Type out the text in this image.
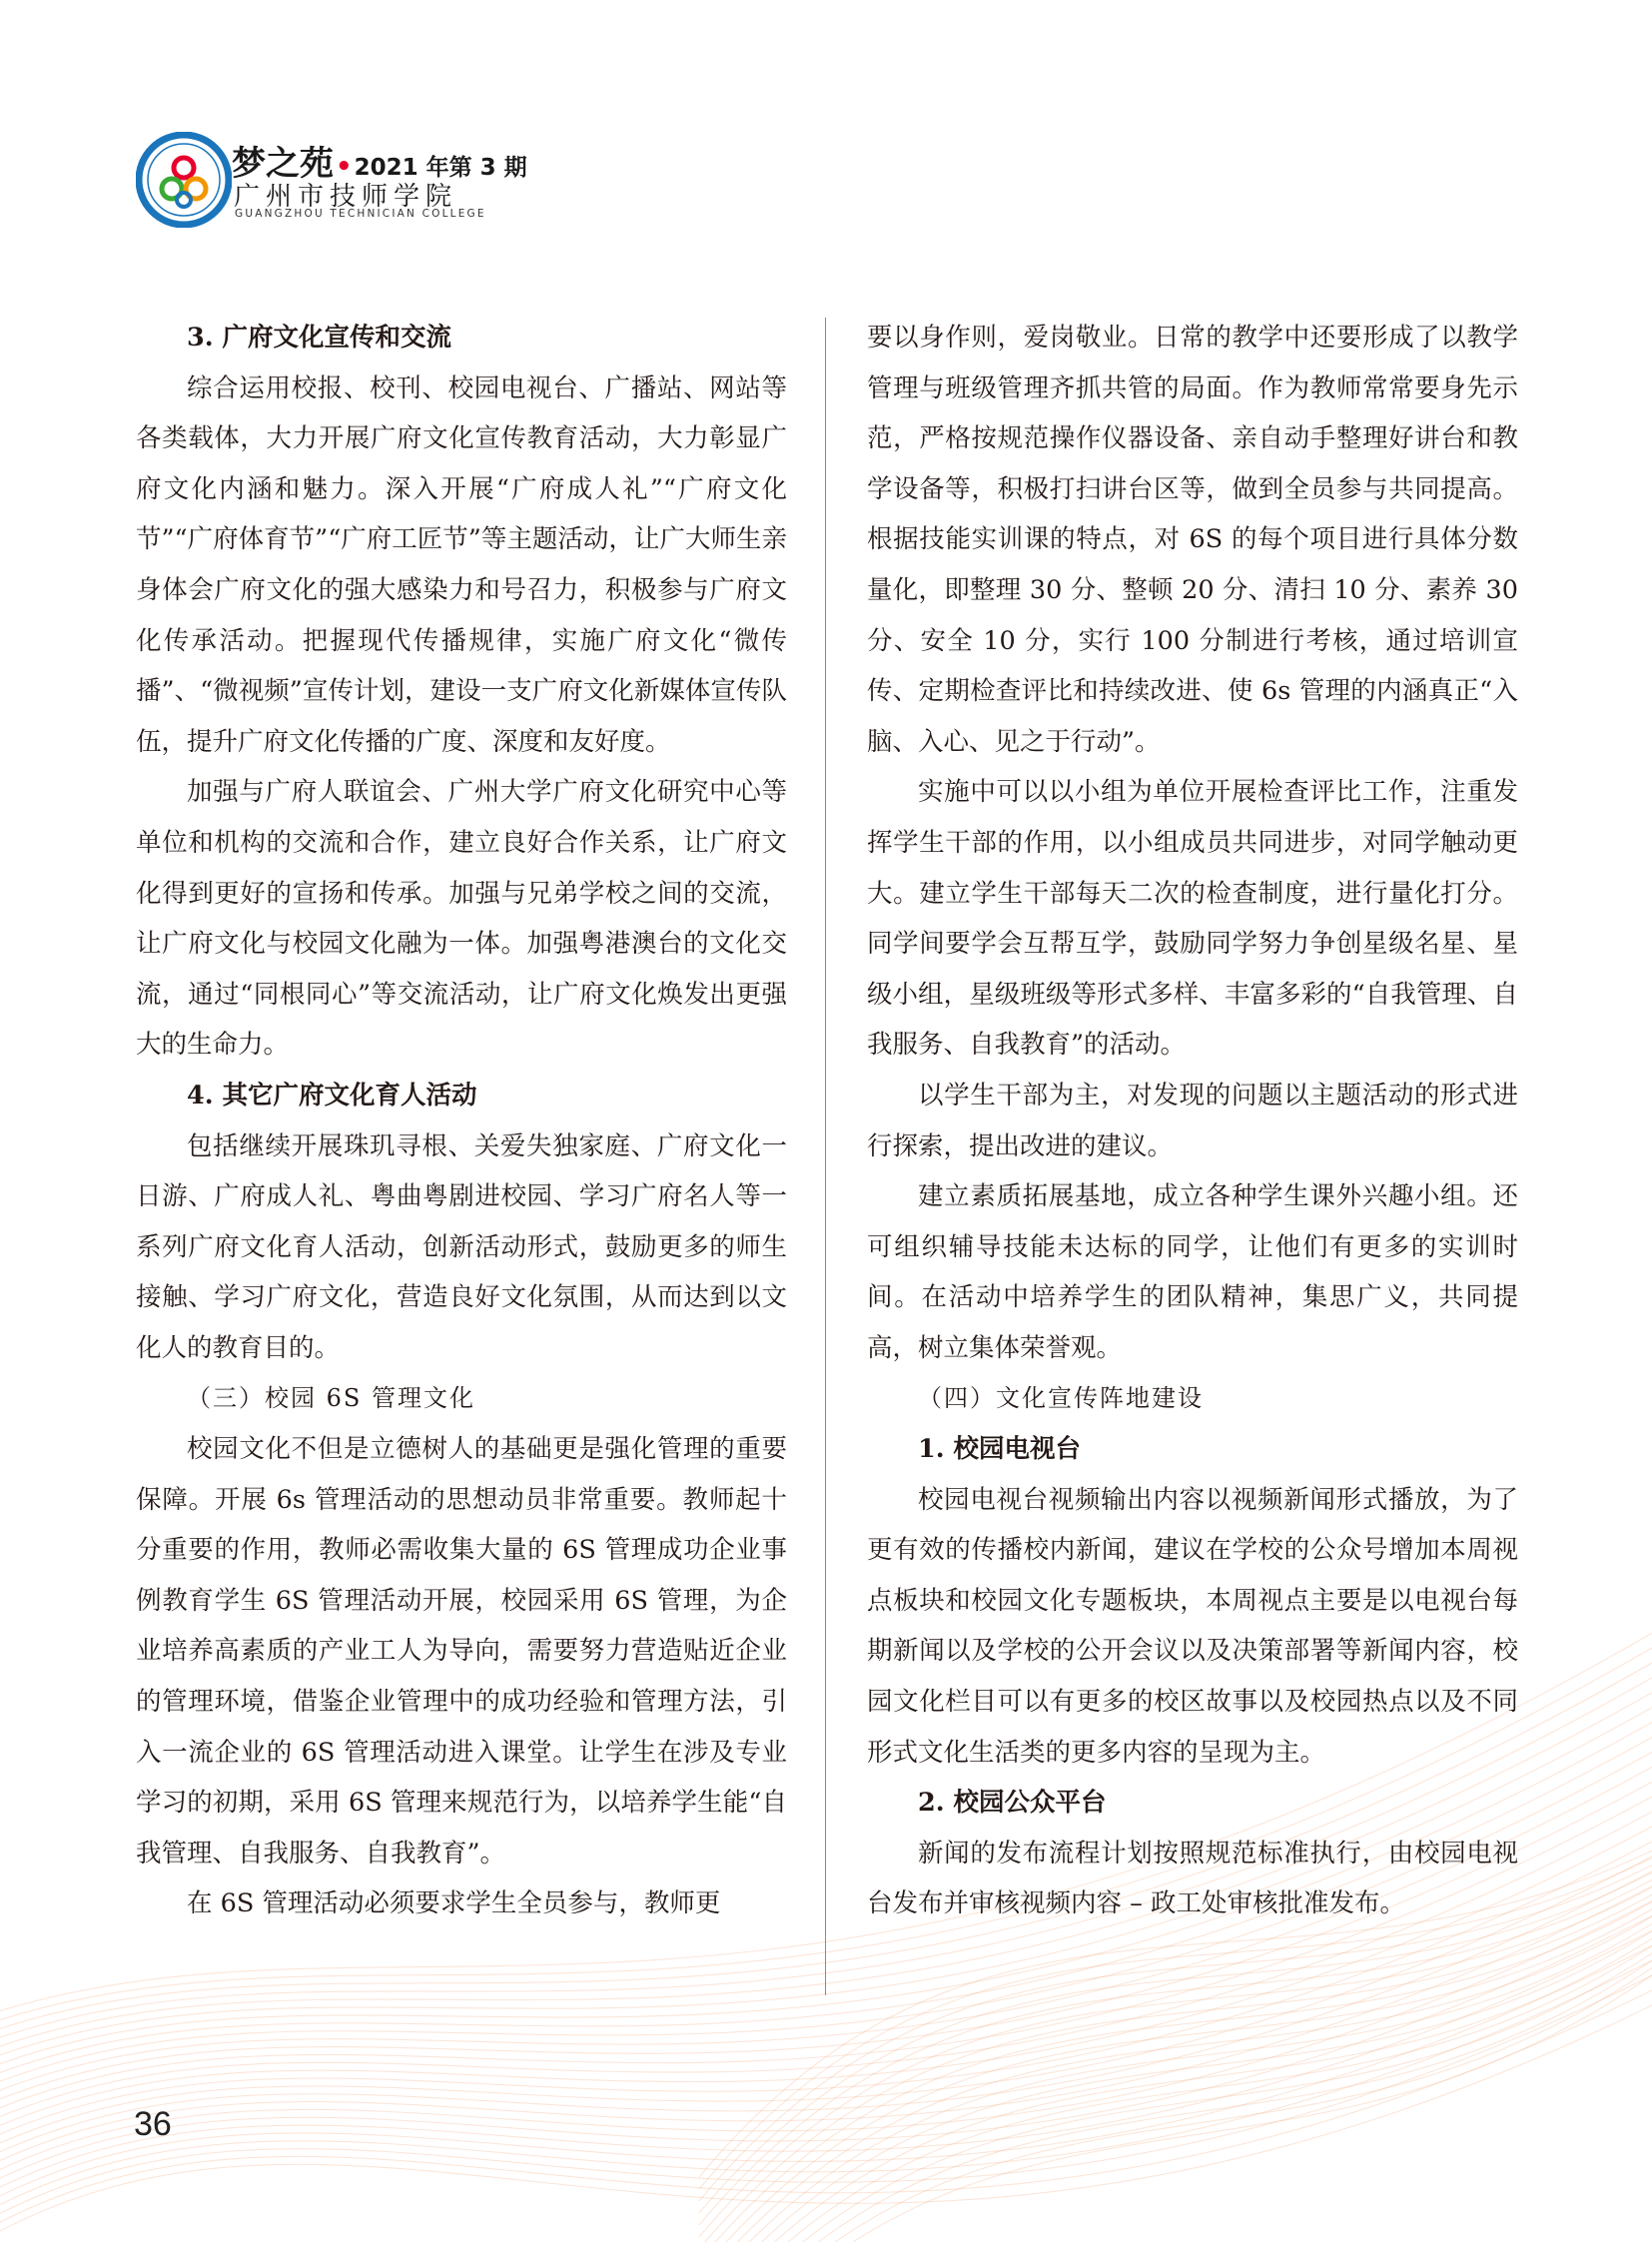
梦之苑•2021 年第 3 期
广州市技师学院
GUANGZHOU TECHNICIAN COLLEGE

3. 广府文化宣传和交流

综合运用校报、校刊、校园电视台、广播站、网站等各类载体，大力开展广府文化宣传教育活动，大力彰显广府文化内涵和魅力。深入开展“广府成人礼”“广府文化节”“广府体育节”“广府工匠节”等主题活动，让广大师生亲身体会广府文化的强大感染力和号召力，积极参与广府文化传承活动。把握现代传播规律，实施广府文化“微传播”、“微视频”宣传计划，建设一支广府文化新媒体宣传队伍，提升广府文化传播的广度、深度和友好度。

加强与广府人联谊会、广州大学广府文化研究中心等单位和机构的交流和合作，建立良好合作关系，让广府文化得到更好的宣扬和传承。加强与兄弟学校之间的交流，让广府文化与校园文化融为一体。加强粤港澳台的文化交流，通过“同根同心”等交流活动，让广府文化焕发出更强大的生命力。

4. 其它广府文化育人活动

包括继续开展珠玑寻根、关爱失独家庭、广府文化一日游、广府成人礼、粤曲粤剧进校园、学习广府名人等一系列广府文化育人活动，创新活动形式，鼓励更多的师生接触、学习广府文化，营造良好文化氛围，从而达到以文化人的教育目的。

（三）校园 6S 管理文化

校园文化不但是立德树人的基础更是强化管理的重要保障。开展 6s 管理活动的思想动员非常重要。教师起十分重要的作用，教师必需收集大量的 6S 管理成功企业事例教育学生 6S 管理活动开展，校园采用 6S 管理，为企业培养高素质的产业工人为导向，需要努力营造贴近企业的管理环境，借鉴企业管理中的成功经验和管理方法，引入一流企业的 6S 管理活动进入课堂。让学生在涉及专业学习的初期，采用 6S 管理来规范行为，以培养学生能“自我管理、自我服务、自我教育”。

在 6S 管理活动必须要求学生全员参与，教师更

要以身作则，爱岗敬业。日常的教学中还要形成了以教学管理与班级管理齐抓共管的局面。作为教师常常要身先示范，严格按规范操作仪器设备、亲自动手整理好讲台和教学设备等，积极打扫讲台区等，做到全员参与共同提高。根据技能实训课的特点，对 6S 的每个项目进行具体分数量化，即整理 30 分、整顿 20 分、清扫 10 分、素养 30 分、安全 10 分，实行 100 分制进行考核，通过培训宣传、定期检查评比和持续改进、使 6s 管理的内涵真正“入脑、入心、见之于行动”。

实施中可以以小组为单位开展检查评比工作，注重发挥学生干部的作用，以小组成员共同进步，对同学触动更大。建立学生干部每天二次的检查制度，进行量化打分。同学间要学会互帮互学，鼓励同学努力争创星级名星、星级小组，星级班级等形式多样、丰富多彩的“自我管理、自我服务、自我教育”的活动。

以学生干部为主，对发现的问题以主题活动的形式进行探索，提出改进的建议。

建立素质拓展基地，成立各种学生课外兴趣小组。还可组织辅导技能未达标的同学，让他们有更多的实训时间。在活动中培养学生的团队精神，集思广义，共同提高，树立集体荣誉观。

（四）文化宣传阵地建设

1. 校园电视台

校园电视台视频输出内容以视频新闻形式播放，为了更有效的传播校内新闻，建议在学校的公众号增加本周视点板块和校园文化专题板块，本周视点主要是以电视台每期新闻以及学校的公开会议以及决策部署等新闻内容，校园文化栏目可以有更多的校区故事以及校园热点以及不同形式文化生活类的更多内容的呈现为主。

2. 校园公众平台

新闻的发布流程计划按照规范标准执行，由校园电视台发布并审核视频内容 – 政工处审核批准发布。

36
